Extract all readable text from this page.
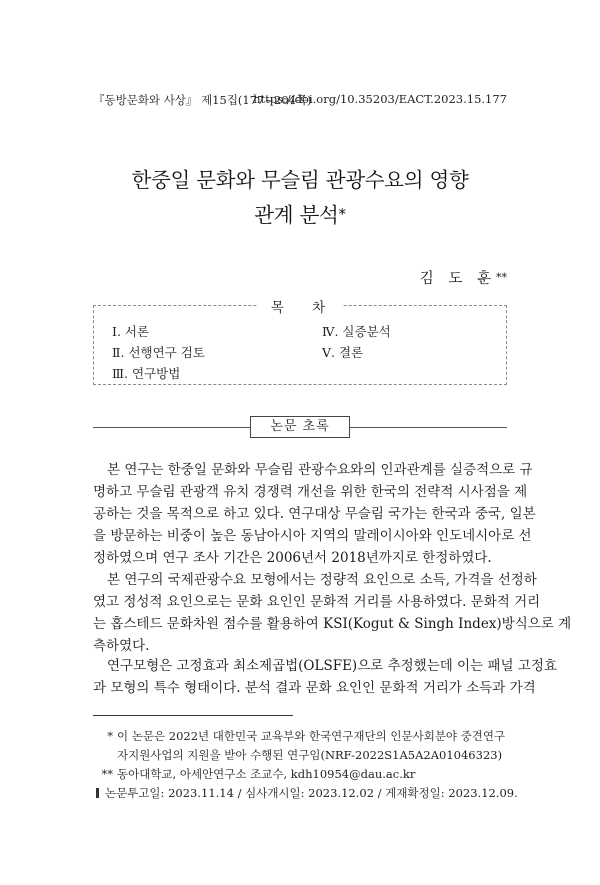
『동방문화와 사상』 제15집(177~204쪽)
https://doi.org/10.35203/EACT.2023.15.177
한중일 문화와 무슬림 관광수요의 영향
관계 분석*
김 도 훈**
목 차
Ⅰ. 서론
Ⅱ. 선행연구 검토
Ⅲ. 연구방법
Ⅳ. 실증분석
Ⅴ. 결론
논문 초록

본 연구는 한중일 문화와 무슬림 관광수요와의 인과관계를 실증적으로 규
명하고 무슬림 관광객 유치 경쟁력 개선을 위한 한국의 전략적 시사점을 제
공하는 것을 목적으로 하고 있다. 연구대상 무슬림 국가는 한국과 중국, 일본
을 방문하는 비중이 높은 동남아시아 지역의 말레이시아와 인도네시아로 선
정하였으며 연구 조사 기간은 2006년서 2018년까지로 한정하였다.

본 연구의 국제관광수요 모형에서는 정량적 요인으로 소득, 가격을 선정하
였고 정성적 요인으로는 문화 요인인 문화적 거리를 사용하였다. 문화적 거리
는 홉스테드 문화차원 점수를 활용하여 KSI(Kogut & Singh Index)방식으로 계
측하였다.

연구모형은 고정효과 최소제곱법(OLSFE)으로 추정했는데 이는 패널 고정효
과 모형의 특수 형태이다. 분석 결과 문화 요인인 문화적 거리가 소득과 가격

* 이 논문은 2022년 대한민국 교육부와 한국연구재단의 인문사회분야 중견연구
자지원사업의 지원을 받아 수행된 연구임(NRF-2022S1A5A2A01046323)
** 동아대학교, 아세안연구소 조교수, kdh10954@dau.ac.kr
논문투고일: 2023.11.14 / 심사개시일: 2023.12.02 / 게재확정일: 2023.12.09.
